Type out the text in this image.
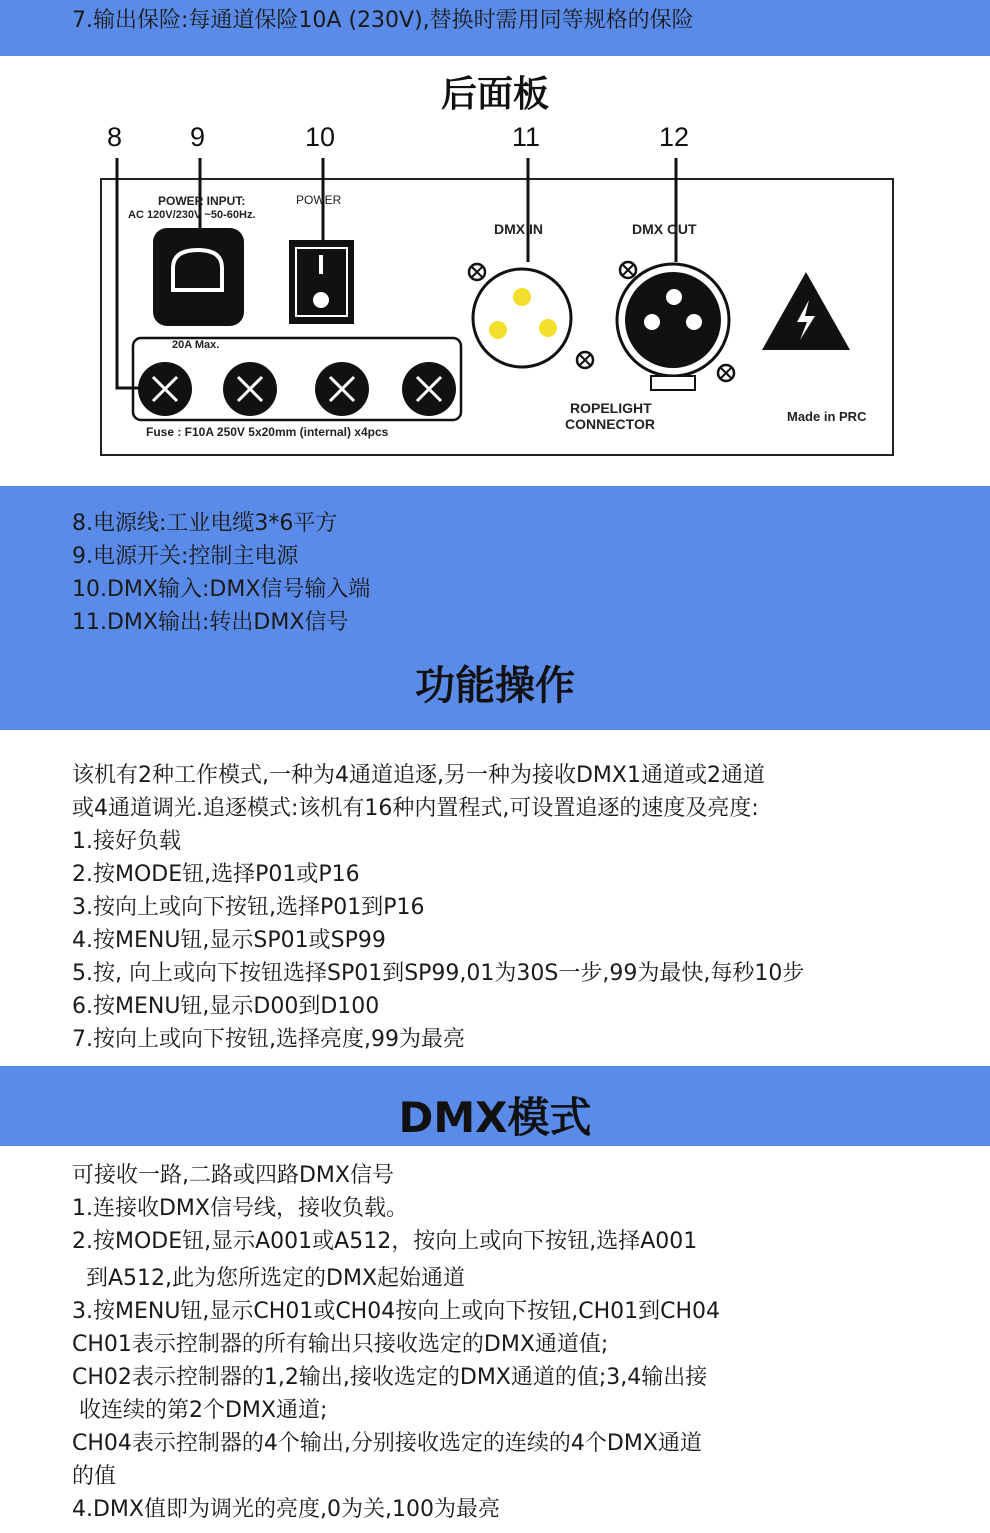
7.输出保险:每通道保险10A (230V),替换时需用同等规格的保险
后面板
8	9	10	11	12
POWER INPUT:
AC 120V/230V ~50-60Hz.
POWER
20A Max.
Fuse : F10A 250V 5x20mm (internal) x4pcs
DMX IN	DMX OUT
ROPELIGHT
CONNECTOR	Made in PRC
8.电源线:工业电缆3*6平方
9.电源开关:控制主电源
10.DMX输入:DMX信号输入端
11.DMX输出:转出DMX信号
功能操作
该机有2种工作模式,一种为4通道追逐,另一种为接收DMX1通道或2通道
或4通道调光.追逐模式:该机有16种内置程式,可设置追逐的速度及亮度:
1.接好负载
2.按MODE钮,选择P01或P16
3.按向上或向下按钮,选择P01到P16
4.按MENU钮,显示SP01或SP99
5.按, 向上或向下按钮选择SP01到SP99,01为30S一步,99为最快,每秒10步
6.按MENU钮,显示D00到D100
7.按向上或向下按钮,选择亮度,99为最亮
DMX模式
可接收一路,二路或四路DMX信号
1.连接收DMX信号线，接收负载。
2.按MODE钮,显示A001或A512，按向上或向下按钮,选择A001
到A512,此为您所选定的DMX起始通道
3.按MENU钮,显示CH01或CH04按向上或向下按钮,CH01到CH04
CH01表示控制器的所有输出只接收选定的DMX通道值;
CH02表示控制器的1,2输出,接收选定的DMX通道的值;3,4输出接
收连续的第2个DMX通道;
CH04表示控制器的4个输出,分别接收选定的连续的4个DMX通道
的值
4.DMX值即为调光的亮度,0为关,100为最亮
